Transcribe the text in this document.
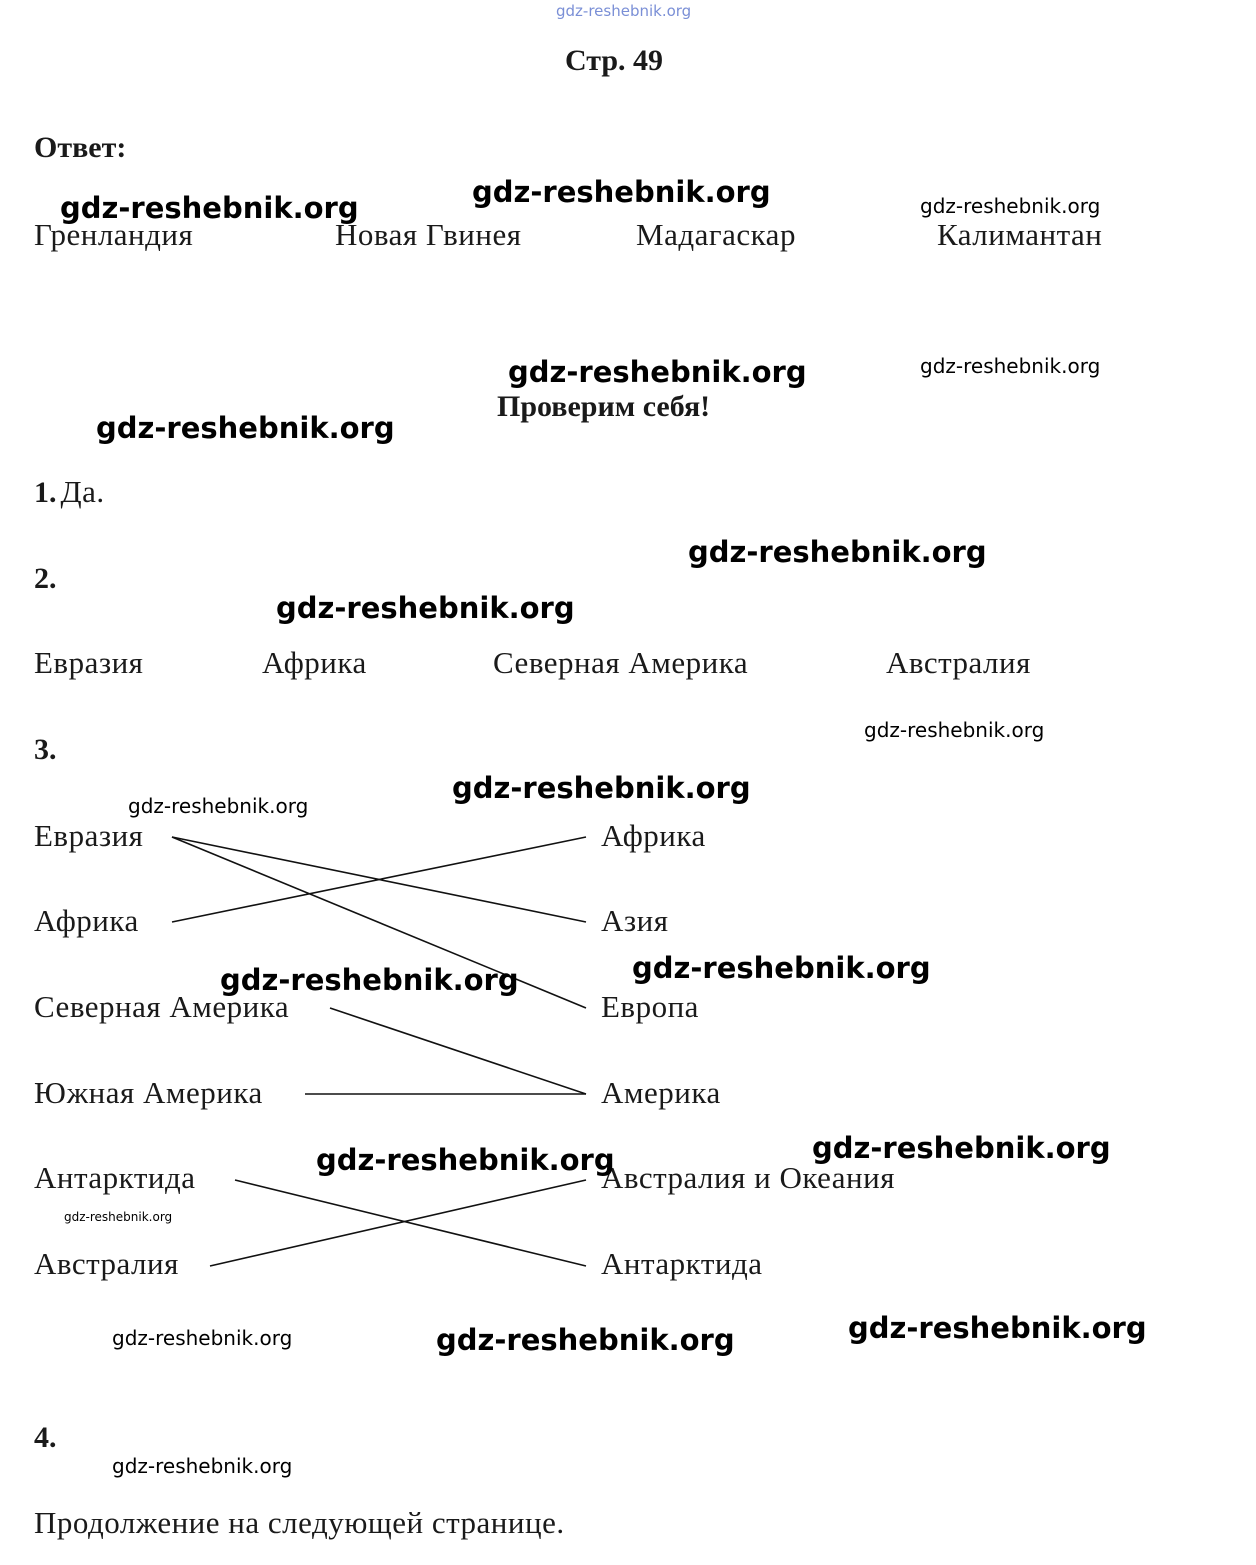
gdz-reshebnik.org
Стр. 49
Ответ:
Гренландия	Новая Гвинея	Мадагаскар	Калимантан
Проверим себя!
1. Да.
2.
Евразия	Африка	Северная Америка	Австралия
3.
Евразия
Африка
Северная Америка
Южная Америка
Антарктида
Австралия
Африка
Азия
Европа
Америка
Австралия и Океания
Антарктида
4.
Продолжение на следующей странице.
gdz-reshebnik.org	gdz-reshebnik.org	gdz-reshebnik.org
gdz-reshebnik.org	gdz-reshebnik.org
gdz-reshebnik.org
gdz-reshebnik.org
gdz-reshebnik.org
gdz-reshebnik.org
gdz-reshebnik.org
gdz-reshebnik.org
gdz-reshebnik.org
gdz-reshebnik.org
gdz-reshebnik.org
gdz-reshebnik.org
gdz-reshebnik.org
gdz-reshebnik.org
gdz-reshebnik.org	gdz-reshebnik.org
gdz-reshebnik.org
